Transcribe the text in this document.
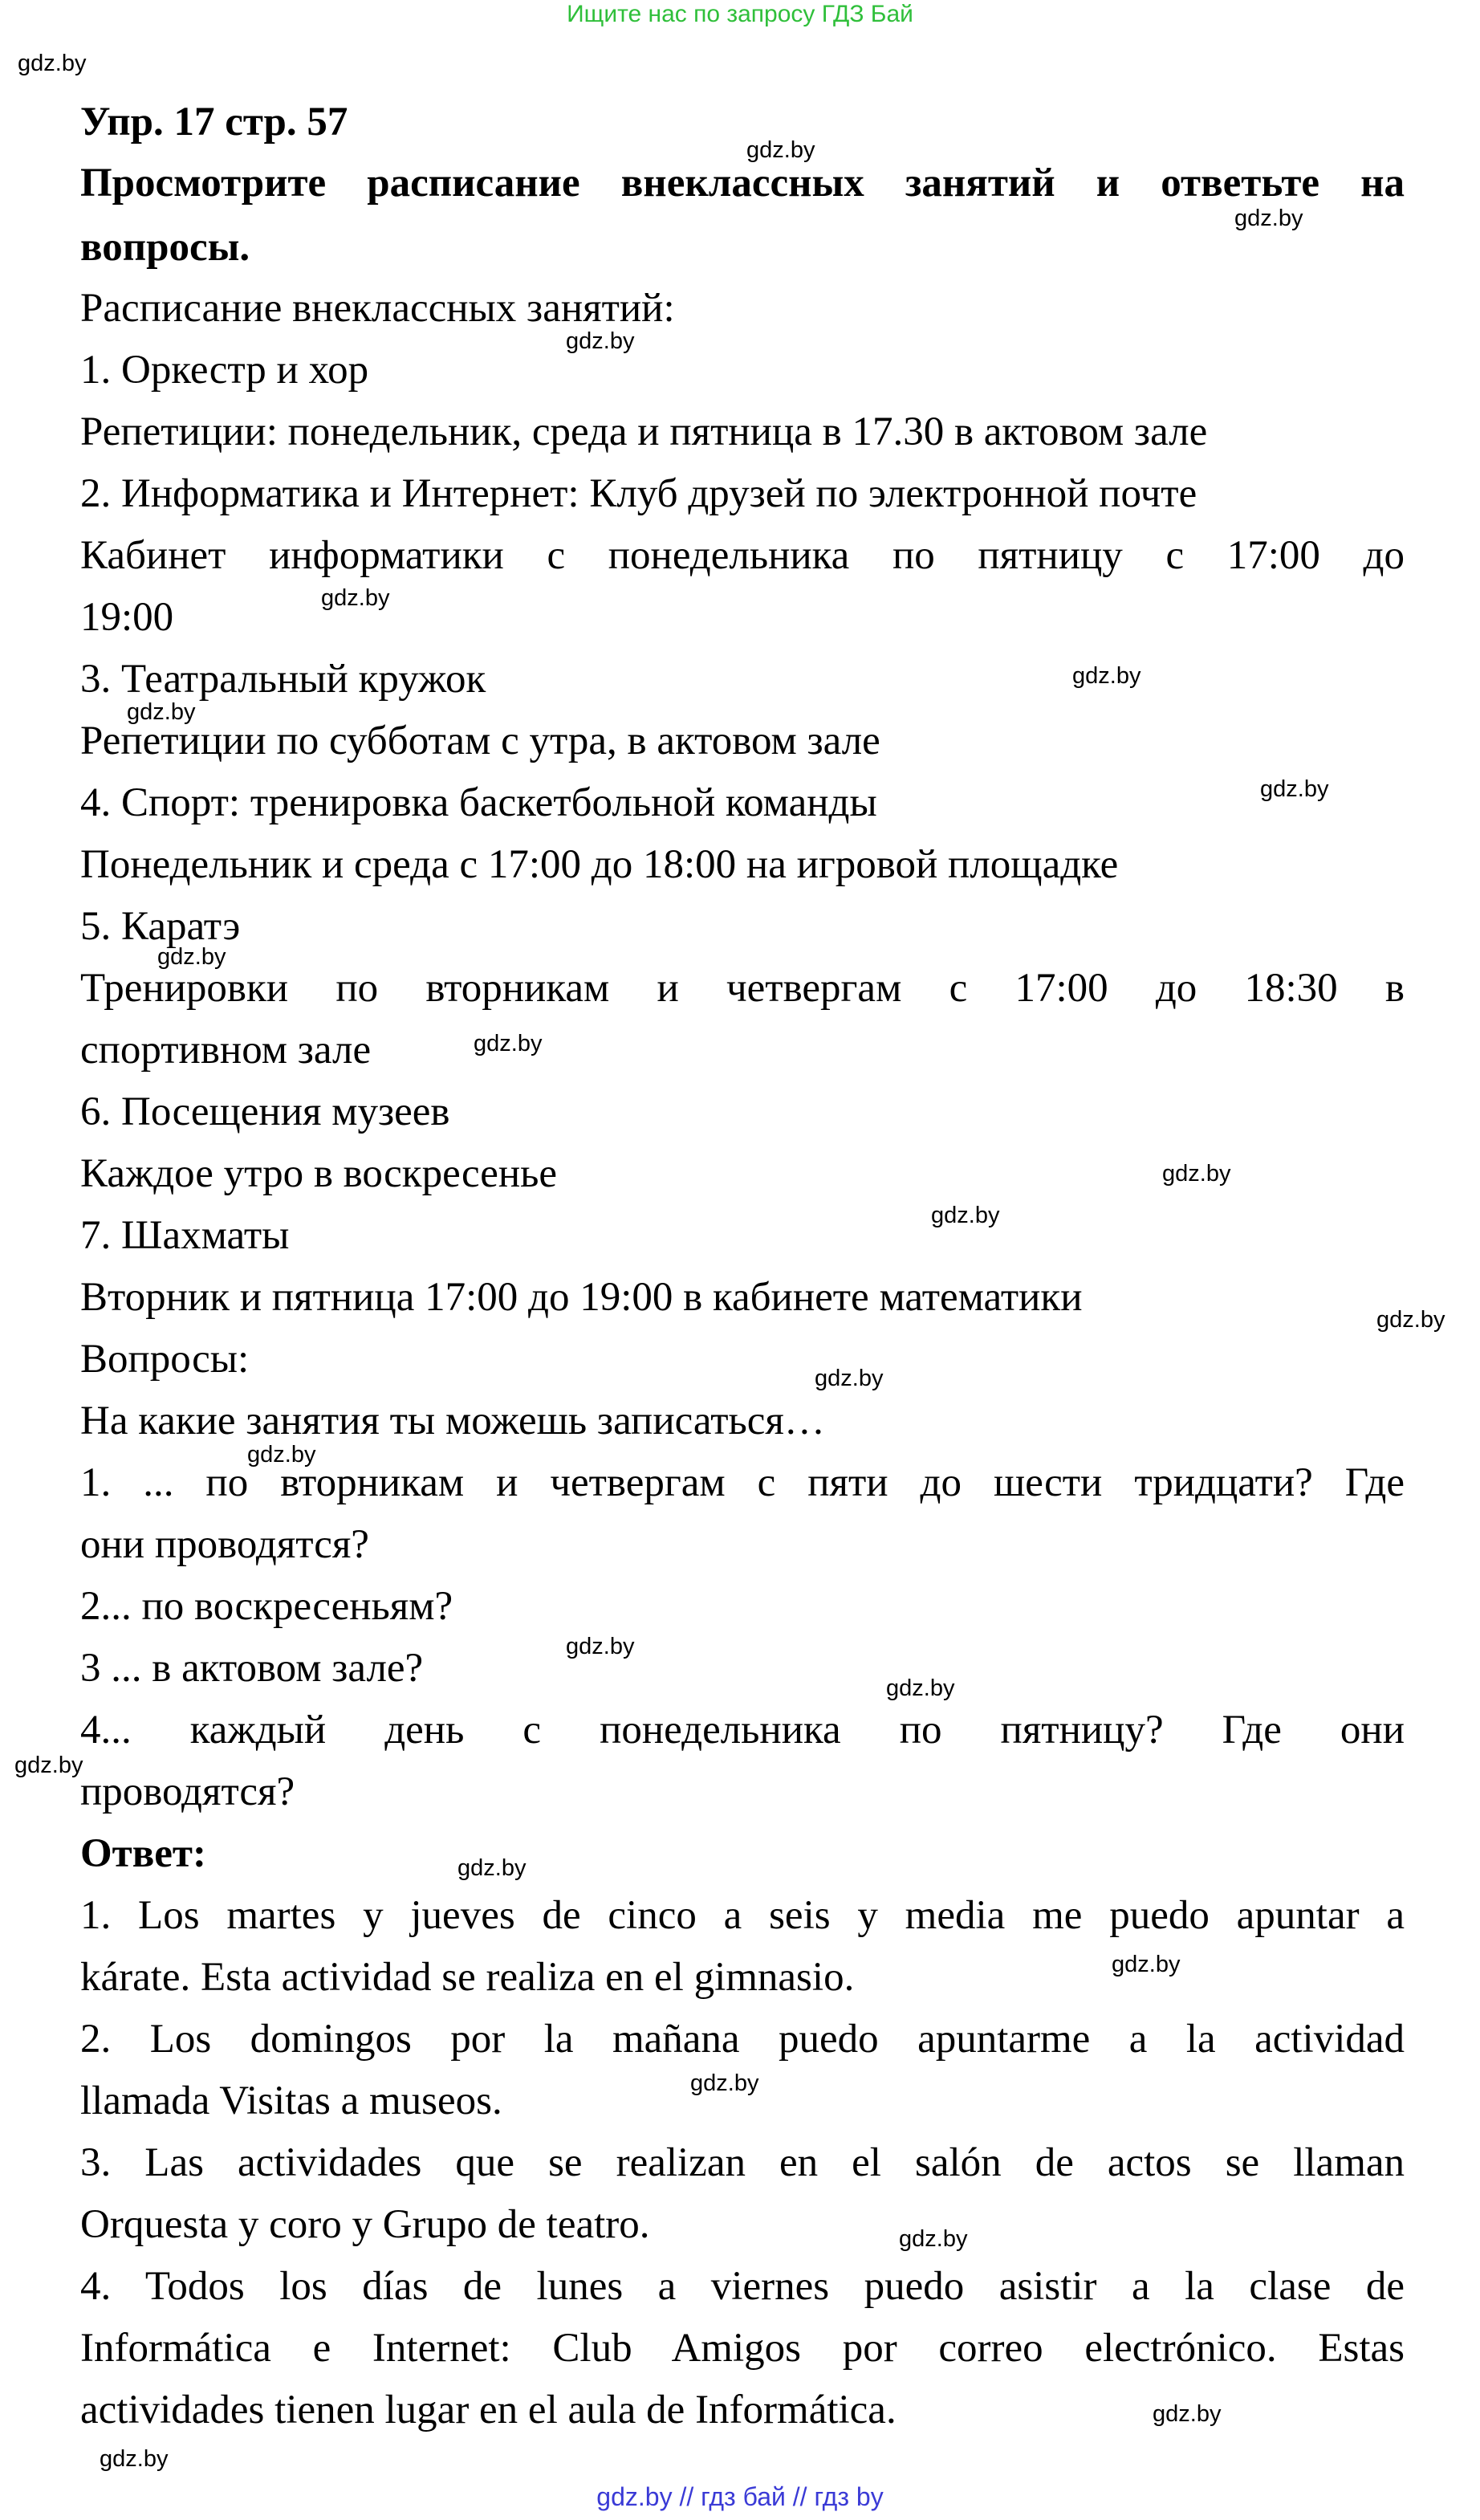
Ищите нас по запросу ГДЗ Бай
gdz.by
gdz.by
gdz.by
gdz.by
gdz.by
gdz.by
gdz.by
gdz.by
gdz.by
gdz.by
gdz.by
gdz.by
gdz.by
gdz.by
gdz.by
gdz.by
gdz.by
gdz.by
gdz.by
gdz.by
gdz.by
gdz.by
gdz.by
gdz.by
Упр. 17 стр. 57
Просмотрите расписание внеклассных занятий и ответьте на
вопросы.
Расписание внеклассных занятий:
1. Оркестр и хор
Репетиции: понедельник, среда и пятница в 17.30 в актовом зале
2. Информатика и Интернет: Клуб друзей по электронной почте
Кабинет информатики с понедельника по пятницу с 17:00 до
19:00
3. Театральный кружок
Репетиции по субботам с утра, в актовом зале
4. Спорт: тренировка баскетбольной команды
Понедельник и среда с 17:00 до 18:00 на игровой площадке
5. Каратэ
Тренировки по вторникам и четвергам с 17:00 до 18:30 в
спортивном зале
6. Посещения музеев
Каждое утро в воскресенье
7. Шахматы
Вторник и пятница 17:00 до 19:00 в кабинете математики
Вопросы:
На какие занятия ты можешь записаться…
1. ... по вторникам и четвергам с пяти до шести тридцати? Где
они проводятся?
2... по воскресеньям?
3 ... в актовом зале?
4... каждый день с понедельника по пятницу? Где они
проводятся?
Ответ:
1. Los martes y jueves de cinco a seis y media me puedo apuntar a
kárate. Esta actividad se realiza en el gimnasio.
2. Los domingos por la mañana puedo apuntarme a la actividad
llamada Visitas a museos.
3. Las actividades que se realizan en el salón de actos se llaman
Orquesta y coro y Grupo de teatro.
4. Todos los días de lunes a viernes puedo asistir a la clase de
Informática e Internet: Club Amigos por correo electrónico. Estas
actividades tienen lugar en el aula de Informática.
gdz.by // гдз бай // гдз by
